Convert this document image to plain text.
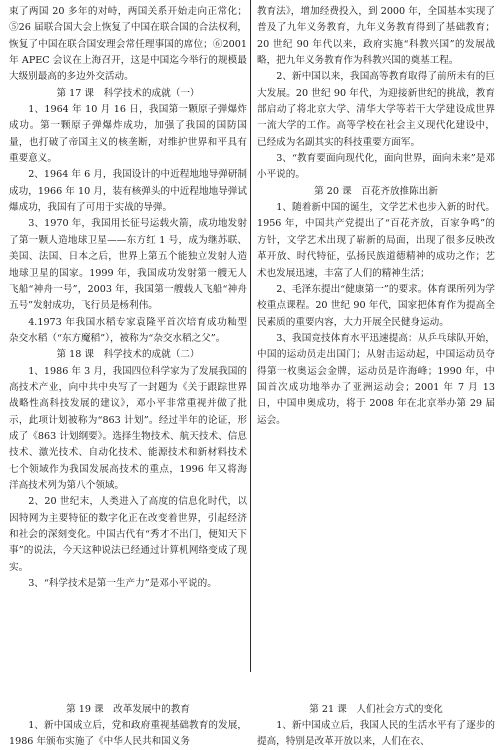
束了两国 20 多年的对峙，两国关系开始走向正常化；⑤26 届联合国大会上恢复了中国在联合国的合法权利，恢复了中国在联合国安理会常任理事国的席位；⑥2001 年 APEC 会议在上海召开，这是中国迄今举行的规模最大级别最高的多边外交活动。

第 17 课　科学技术的成就（一）

1、1964 年 10 月 16 日，我国第一颗原子弹爆炸成功。第一颗原子弹爆炸成功，加强了我国的国防国量，也打破了帝国主义的核垄断，对维护世界和平具有重要意义。

2、1964 年 6 月，我国设计的中近程地地导弹研制成功，1966 年 10 月，装有核弹头的中近程地地导弹试爆成功，我国有了可用于实战的导弹。

3、1970 年，我国用长征号运载火箭，成功地发射了第一颗人造地球卫星——东方红 1 号，成为继苏联、美国、法国、日本之后，世界上第五个能独立发射人造地球卫星的国家。1999 年，我国成功发射第一艘无人飞船“神舟一号”，2003 年，我国第一艘载人飞船“神舟五号”发射成功，飞行员是杨利伟。

4.1973 年我国水稻专家袁隆平首次培育成功籼型杂交水稻（“东方魔稻”），被称为“杂交水稻之父”。

第 18 课　科学技术的成就（二）

1、1986 年 3 月，我国四位科学家为了发展我国的高技术产业，向中共中央写了一封题为《关于跟踪世界战略性高科技发展的建议》，邓小平非常重视并做了批示，此项计划被称为“863 计划”。经过半年的论证，形成了《863 计划纲要》。选择生物技术、航天技术、信息技术、激光技术、自动化技术、能源技术和新材料技术七个领域作为我国发展高技术的重点，1996 年又将海洋高技术列为第八个领域。

2、20 世纪末，人类进入了高度的信息化时代，以因特网为主要特征的数字化正在改变着世界，引起经济和社会的深刻变化。中国古代有“秀才不出门，便知天下事”的说法，今天这种说法已经通过计算机网络变成了现实。

3、“科学技术是第一生产力”是邓小平说的。

教育法》，增加经费投入，到 2000 年，全国基本实现了普及了九年义务教育，九年义务教育得到了基础教育；20 世纪 90 年代以来，政府实施“科教兴国”的发展战略，把九年义务教育作为科教兴国的奠基工程。

2、新中国以来，我国高等教育取得了前所未有的巨大发展。20 世纪 90 年代，为迎接新世纪的挑战，教育部启动了将北京大学、清华大学等若干大学建设成世界一流大学的工作。高等学校在社会主义现代化建设中，已经成为名副其实的科技重要方面军。

3、“教育要面向现代化，面向世界，面向未来”是邓小平说的。

第 20 课　百花齐放推陈出新

1、随着新中国的诞生，文学艺术也步入新的时代。1956 年，中国共产党提出了“百花齐放，百家争鸣”的方针，文学艺术出现了崭新的局面，出现了很多反映改革开放、时代特征，弘扬民族道德精神的成功之作；艺术也发展迅速，丰富了人们的精神生活；

2、毛泽东提出“健康第一”的要求。体育课所列为学校重点课程。20 世纪 90 年代，国家把体育作为提高全民素质的重要内容，大力开展全民健身运动。

3、我国竞技体育水平迅速提高：从乒乓球队开始，中国的运动员走出国门；从射击运动起，中国运动员夺得第一枚奥运会金牌，运动员是许海峰；1990 年，中国首次成功地举办了亚洲运动会；2001 年 7 月 13 日，中国申奥成功，将于 2008 年在北京举办第 29 届运会。

第 19 课　改革发展中的教育

1、新中国成立后，党和政府重视基础教育的发展，1986 年颁布实施了《中华人民共和国义务

第 21 课　人们社会方式的变化

1、新中国成立后，我国人民的生活水平有了逐步的提高，特别是改革开放以来，人们在衣、
